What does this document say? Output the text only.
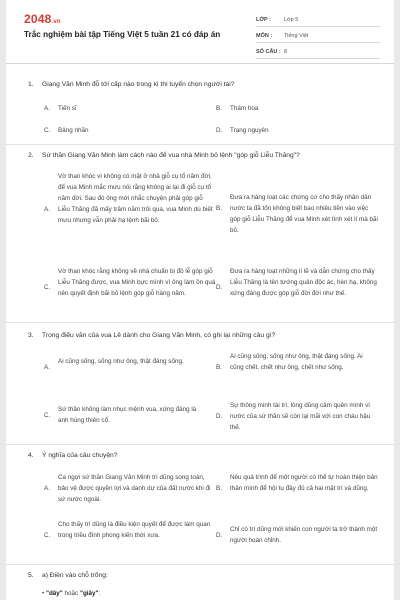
2048.vn
Trắc nghiệm bài tập Tiếng Việt 5 tuần 21 có đáp án
LỚP :	Lớp 5
MÔN :	Tiếng Việt
SỐ CÂU : 8
1. Giang Văn Minh đỗ tới cấp nào trong kì thi tuyển chọn người tài?
A.	Tiến sĩ	B.	Thám hoa
C.	Bảng nhãn	D.	Trạng nguyên
2. Sứ thần Giang Văn Minh làm cách nào để vua nhà Minh bỏ lệnh "góp giỗ Liễu Thăng"?
A.
Vờ than khóc vì không có mặt ở nhà giỗ cụ tổ năm đời, để vua Minh mắc mưu nói rằng không ai lại đi giỗ cụ tổ năm đời. Sau đó ông mới nhắc chuyện phải góp giỗ Liễu Thăng đã mấy trăm năm trôi qua, vua Minh dù biết mưu nhưng vẫn phải hạ lệnh bãi bỏ.
B.
Đưa ra hàng loạt các chứng cứ cho thấy nhân dân nước ta đã tốn không biết bao nhiêu tiền vào việc góp giỗ Liễu Thăng để vua Minh xét tình xét lí mà bãi bỏ.
C.
Vờ than khóc rằng không về nhà chuẩn bị đồ lễ góp giỗ Liễu Thăng được, vua Minh bực mình vì ông làm ồn quá nên quyết định bãi bỏ lệnh góp giỗ hàng năm.
D.
Đưa ra hàng loạt những lí lẽ và dẫn chứng cho thấy Liễu Thăng là tên tướng quân độc ác, hèn hạ, không xứng đáng được góp giỗ đời đời như thế.
3. Trong điếu văn của vua Lê dành cho Giang Văn Minh, có ghi lại những câu gì?
A.
Ai cũng sống, sống như ông, thật đáng sống.
B.
Ai cũng sống, sống như ông, thật đáng sống. Ai cũng chết, chết như ông, chết như sống.
C.
Sứ thần không làm nhục mệnh vua, xứng đáng là anh hùng thiên cổ.
D.
Sự thông minh tài trí, lòng dũng cảm quên mình vì nước của sứ thần sẽ còn lại mãi với con cháu hậu thế.
4. Ý nghĩa của câu chuyện?
A.
Ca ngợi sứ thần Giang Văn Minh trí dũng song toàn, bảo vệ được quyền lợi và danh dự của đất nước khi đi sứ nước ngoài.
B.
Nêu quá trình để một người có thể tự hoàn thiện bản thân mình để hội tụ đầy đủ cả hai mặt trí và dũng.
C.
Cho thấy trí dũng là điều kiện quyết để được làm quan trong triều đình phong kiến thời xưa.	D.
Chỉ có trí dũng mới khiến con người ta trở thành một người hoàn chỉnh.
5. a) Điền vào chỗ trống:
• "dây" hoặc "giây":
